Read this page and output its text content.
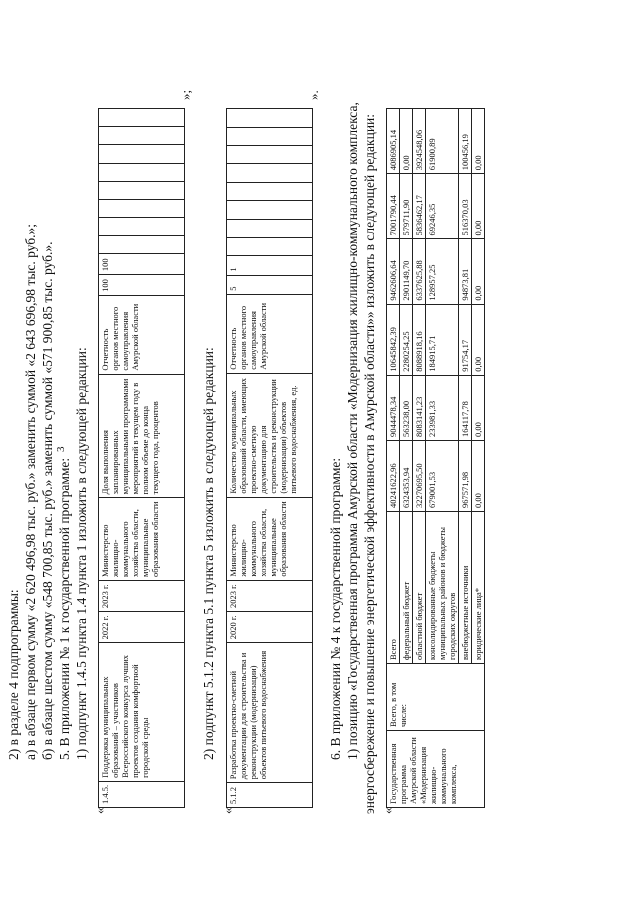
3
2) в разделе 4 подпрограммы: а) в абзаце первом сумму «2 620 496,98 тыс. руб.» заменить суммой «2 643 696,98 тыс. руб.»; б) в абзаце шестом сумму «548 700,85 тыс. руб.» заменить суммой «571 900,85 тыс. руб.». 5. В приложении № 1 к государственной программе: 1) подпункт 1.4.5 пункта 1.4 пункта 1 изложить в следующей редакции:
«
1.4.5.	Поддержка муниципальных образований – участников Всероссийского конкурса лучших проектов создания комфортной городской среды	2022 г.	2023 г.	Министерство жилищно-коммунального хозяйства области, муниципальные образования области	Доля выполнения запланированных муниципальными программами мероприятий в текущем году в полном объеме до конца текущего года, процентов	Отчетность органов местного самоуправления Амурской области	100	100								
»;
2) подпункт 5.1.2 пункта 5.1 пункта 5 изложить в следующей редакции:
«
5.1.2	Разработка проектно-сметной документации для строительства и реконструкции (модернизации) объектов питьевого водоснабжения	2020 г.	2023 г.	Министерство жилищно-коммунального хозяйства области, муниципальные образования области	Количество муниципальных образований области, имеющих проектно-сметную документацию для строительства и реконструкции (модернизации) объектов питьевого водоснабжения, ед.	Отчетность органов местного самоуправления Амурской области	5	1								
».
6. В приложении № 4 к государственной программе: 1) позицию «Государственная программа Амурской области «Модернизация жилищно-коммунального комплекса, энергосбережение и повышение энергетической эффективности в Амурской области»» изложить в следующей редакции: «
Государственная программа Амурской области «Модернизация жилищно-коммунального комплекса,	Всего, в том числе:	Всего	40241622,96	9044478,34	10645842,39	9462606,64	7001790,44	4086905,14
		федеральный бюджет	6324353,94	563238,00	2280254,25	2901149,70	579711,90	0,00
		областной бюджет	32270695,50	8083141,23	8088918,16	6337625,88	5836462,17	3924548,06
		консолидированные бюджеты муниципальных районов и бюджеты городских округов	679001,53	233981,33	184915,71	128957,25	69246,35	61900,89
		внебюджетные источники	967571,98	164117,78	91754,17	94873,81	516370,03	100456,19
		юридические лица*	0,00	0,00	0,00	0,00	0,00	0,00
